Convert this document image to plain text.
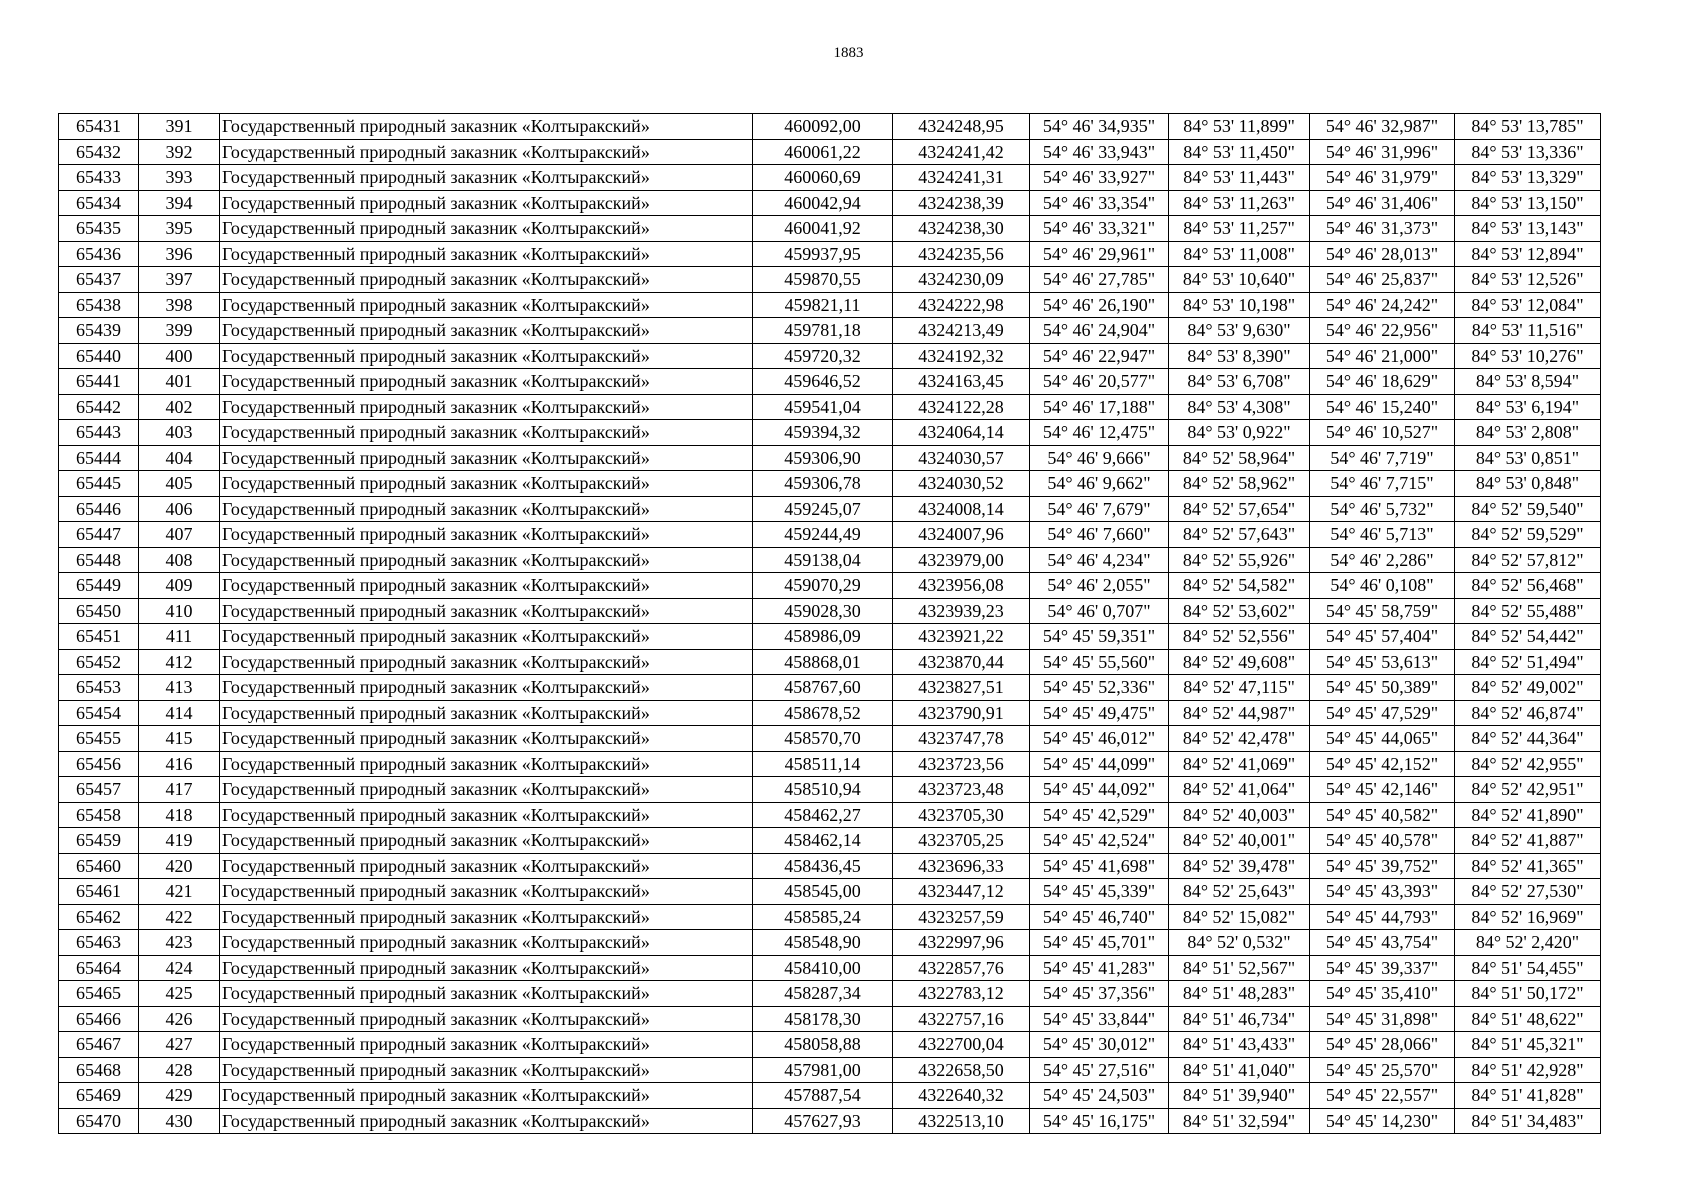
1883
65431	391	Государственный природный заказник «Колтыракский»	460092,00	4324248,95	54° 46' 34,935"	84° 53' 11,899"	54° 46' 32,987"	84° 53' 13,785"
65432	392	Государственный природный заказник «Колтыракский»	460061,22	4324241,42	54° 46' 33,943"	84° 53' 11,450"	54° 46' 31,996"	84° 53' 13,336"
65433	393	Государственный природный заказник «Колтыракский»	460060,69	4324241,31	54° 46' 33,927"	84° 53' 11,443"	54° 46' 31,979"	84° 53' 13,329"
65434	394	Государственный природный заказник «Колтыракский»	460042,94	4324238,39	54° 46' 33,354"	84° 53' 11,263"	54° 46' 31,406"	84° 53' 13,150"
65435	395	Государственный природный заказник «Колтыракский»	460041,92	4324238,30	54° 46' 33,321"	84° 53' 11,257"	54° 46' 31,373"	84° 53' 13,143"
65436	396	Государственный природный заказник «Колтыракский»	459937,95	4324235,56	54° 46' 29,961"	84° 53' 11,008"	54° 46' 28,013"	84° 53' 12,894"
65437	397	Государственный природный заказник «Колтыракский»	459870,55	4324230,09	54° 46' 27,785"	84° 53' 10,640"	54° 46' 25,837"	84° 53' 12,526"
65438	398	Государственный природный заказник «Колтыракский»	459821,11	4324222,98	54° 46' 26,190"	84° 53' 10,198"	54° 46' 24,242"	84° 53' 12,084"
65439	399	Государственный природный заказник «Колтыракский»	459781,18	4324213,49	54° 46' 24,904"	84° 53' 9,630"	54° 46' 22,956"	84° 53' 11,516"
65440	400	Государственный природный заказник «Колтыракский»	459720,32	4324192,32	54° 46' 22,947"	84° 53' 8,390"	54° 46' 21,000"	84° 53' 10,276"
65441	401	Государственный природный заказник «Колтыракский»	459646,52	4324163,45	54° 46' 20,577"	84° 53' 6,708"	54° 46' 18,629"	84° 53' 8,594"
65442	402	Государственный природный заказник «Колтыракский»	459541,04	4324122,28	54° 46' 17,188"	84° 53' 4,308"	54° 46' 15,240"	84° 53' 6,194"
65443	403	Государственный природный заказник «Колтыракский»	459394,32	4324064,14	54° 46' 12,475"	84° 53' 0,922"	54° 46' 10,527"	84° 53' 2,808"
65444	404	Государственный природный заказник «Колтыракский»	459306,90	4324030,57	54° 46' 9,666"	84° 52' 58,964"	54° 46' 7,719"	84° 53' 0,851"
65445	405	Государственный природный заказник «Колтыракский»	459306,78	4324030,52	54° 46' 9,662"	84° 52' 58,962"	54° 46' 7,715"	84° 53' 0,848"
65446	406	Государственный природный заказник «Колтыракский»	459245,07	4324008,14	54° 46' 7,679"	84° 52' 57,654"	54° 46' 5,732"	84° 52' 59,540"
65447	407	Государственный природный заказник «Колтыракский»	459244,49	4324007,96	54° 46' 7,660"	84° 52' 57,643"	54° 46' 5,713"	84° 52' 59,529"
65448	408	Государственный природный заказник «Колтыракский»	459138,04	4323979,00	54° 46' 4,234"	84° 52' 55,926"	54° 46' 2,286"	84° 52' 57,812"
65449	409	Государственный природный заказник «Колтыракский»	459070,29	4323956,08	54° 46' 2,055"	84° 52' 54,582"	54° 46' 0,108"	84° 52' 56,468"
65450	410	Государственный природный заказник «Колтыракский»	459028,30	4323939,23	54° 46' 0,707"	84° 52' 53,602"	54° 45' 58,759"	84° 52' 55,488"
65451	411	Государственный природный заказник «Колтыракский»	458986,09	4323921,22	54° 45' 59,351"	84° 52' 52,556"	54° 45' 57,404"	84° 52' 54,442"
65452	412	Государственный природный заказник «Колтыракский»	458868,01	4323870,44	54° 45' 55,560"	84° 52' 49,608"	54° 45' 53,613"	84° 52' 51,494"
65453	413	Государственный природный заказник «Колтыракский»	458767,60	4323827,51	54° 45' 52,336"	84° 52' 47,115"	54° 45' 50,389"	84° 52' 49,002"
65454	414	Государственный природный заказник «Колтыракский»	458678,52	4323790,91	54° 45' 49,475"	84° 52' 44,987"	54° 45' 47,529"	84° 52' 46,874"
65455	415	Государственный природный заказник «Колтыракский»	458570,70	4323747,78	54° 45' 46,012"	84° 52' 42,478"	54° 45' 44,065"	84° 52' 44,364"
65456	416	Государственный природный заказник «Колтыракский»	458511,14	4323723,56	54° 45' 44,099"	84° 52' 41,069"	54° 45' 42,152"	84° 52' 42,955"
65457	417	Государственный природный заказник «Колтыракский»	458510,94	4323723,48	54° 45' 44,092"	84° 52' 41,064"	54° 45' 42,146"	84° 52' 42,951"
65458	418	Государственный природный заказник «Колтыракский»	458462,27	4323705,30	54° 45' 42,529"	84° 52' 40,003"	54° 45' 40,582"	84° 52' 41,890"
65459	419	Государственный природный заказник «Колтыракский»	458462,14	4323705,25	54° 45' 42,524"	84° 52' 40,001"	54° 45' 40,578"	84° 52' 41,887"
65460	420	Государственный природный заказник «Колтыракский»	458436,45	4323696,33	54° 45' 41,698"	84° 52' 39,478"	54° 45' 39,752"	84° 52' 41,365"
65461	421	Государственный природный заказник «Колтыракский»	458545,00	4323447,12	54° 45' 45,339"	84° 52' 25,643"	54° 45' 43,393"	84° 52' 27,530"
65462	422	Государственный природный заказник «Колтыракский»	458585,24	4323257,59	54° 45' 46,740"	84° 52' 15,082"	54° 45' 44,793"	84° 52' 16,969"
65463	423	Государственный природный заказник «Колтыракский»	458548,90	4322997,96	54° 45' 45,701"	84° 52' 0,532"	54° 45' 43,754"	84° 52' 2,420"
65464	424	Государственный природный заказник «Колтыракский»	458410,00	4322857,76	54° 45' 41,283"	84° 51' 52,567"	54° 45' 39,337"	84° 51' 54,455"
65465	425	Государственный природный заказник «Колтыракский»	458287,34	4322783,12	54° 45' 37,356"	84° 51' 48,283"	54° 45' 35,410"	84° 51' 50,172"
65466	426	Государственный природный заказник «Колтыракский»	458178,30	4322757,16	54° 45' 33,844"	84° 51' 46,734"	54° 45' 31,898"	84° 51' 48,622"
65467	427	Государственный природный заказник «Колтыракский»	458058,88	4322700,04	54° 45' 30,012"	84° 51' 43,433"	54° 45' 28,066"	84° 51' 45,321"
65468	428	Государственный природный заказник «Колтыракский»	457981,00	4322658,50	54° 45' 27,516"	84° 51' 41,040"	54° 45' 25,570"	84° 51' 42,928"
65469	429	Государственный природный заказник «Колтыракский»	457887,54	4322640,32	54° 45' 24,503"	84° 51' 39,940"	54° 45' 22,557"	84° 51' 41,828"
65470	430	Государственный природный заказник «Колтыракский»	457627,93	4322513,10	54° 45' 16,175"	84° 51' 32,594"	54° 45' 14,230"	84° 51' 34,483"
